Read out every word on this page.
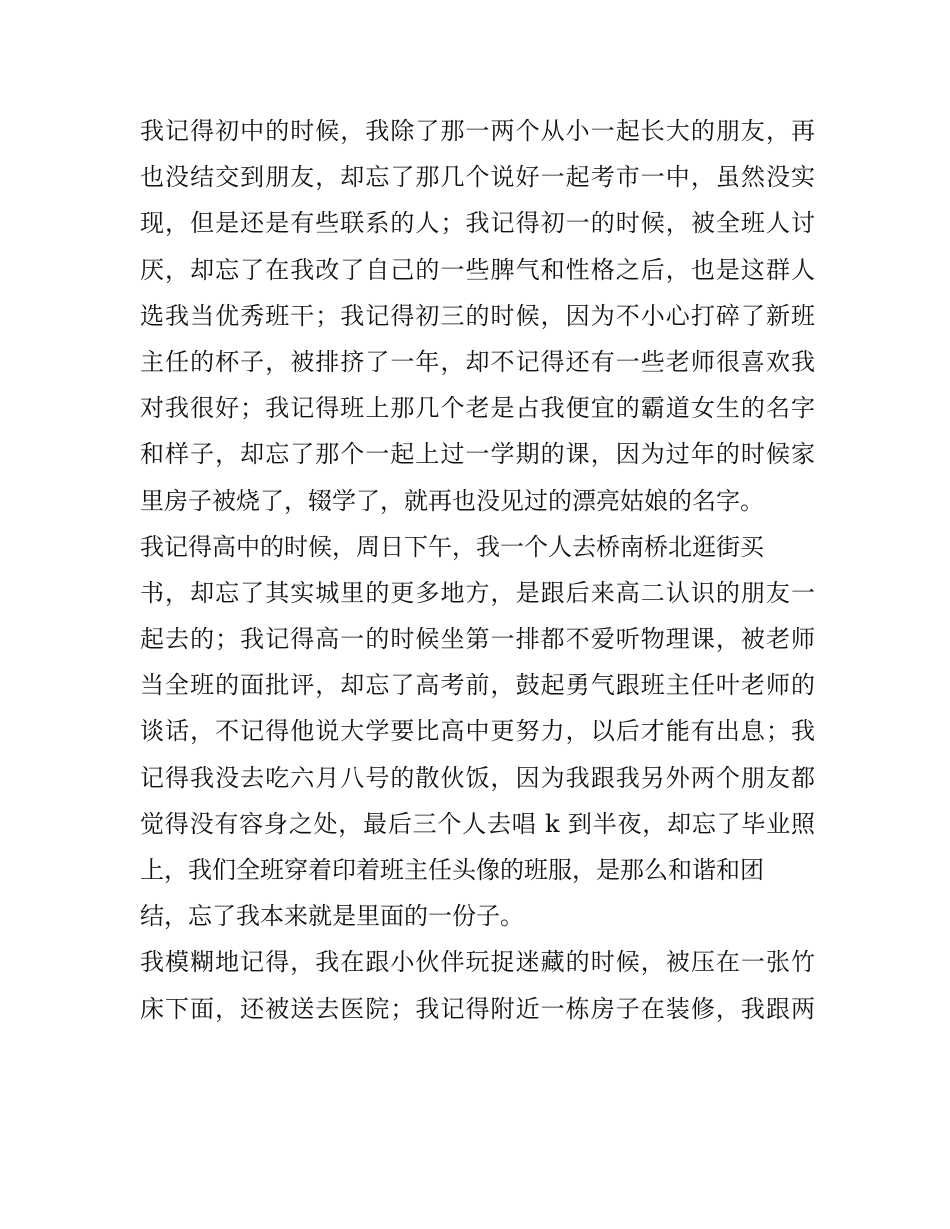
我记得初中的时候，我除了那一两个从小一起长大的朋友，再
也没结交到朋友，却忘了那几个说好一起考市一中，虽然没实
现，但是还是有些联系的人；我记得初一的时候，被全班人讨
厌，却忘了在我改了自己的一些脾气和性格之后，也是这群人
选我当优秀班干；我记得初三的时候，因为不小心打碎了新班
主任的杯子，被排挤了一年，却不记得还有一些老师很喜欢我
对我很好；我记得班上那几个老是占我便宜的霸道女生的名字
和样子，却忘了那个一起上过一学期的课，因为过年的时候家
里房子被烧了，辍学了，就再也没见过的漂亮姑娘的名字。
我记得高中的时候，周日下午，我一个人去桥南桥北逛街买
书，却忘了其实城里的更多地方，是跟后来高二认识的朋友一
起去的；我记得高一的时候坐第一排都不爱听物理课，被老师
当全班的面批评，却忘了高考前，鼓起勇气跟班主任叶老师的
谈话，不记得他说大学要比高中更努力，以后才能有出息；我
记得我没去吃六月八号的散伙饭，因为我跟我另外两个朋友都
觉得没有容身之处，最后三个人去唱 k 到半夜，却忘了毕业照
上，我们全班穿着印着班主任头像的班服，是那么和谐和团
结，忘了我本来就是里面的一份子。
我模糊地记得，我在跟小伙伴玩捉迷藏的时候，被压在一张竹
床下面，还被送去医院；我记得附近一栋房子在装修，我跟两
